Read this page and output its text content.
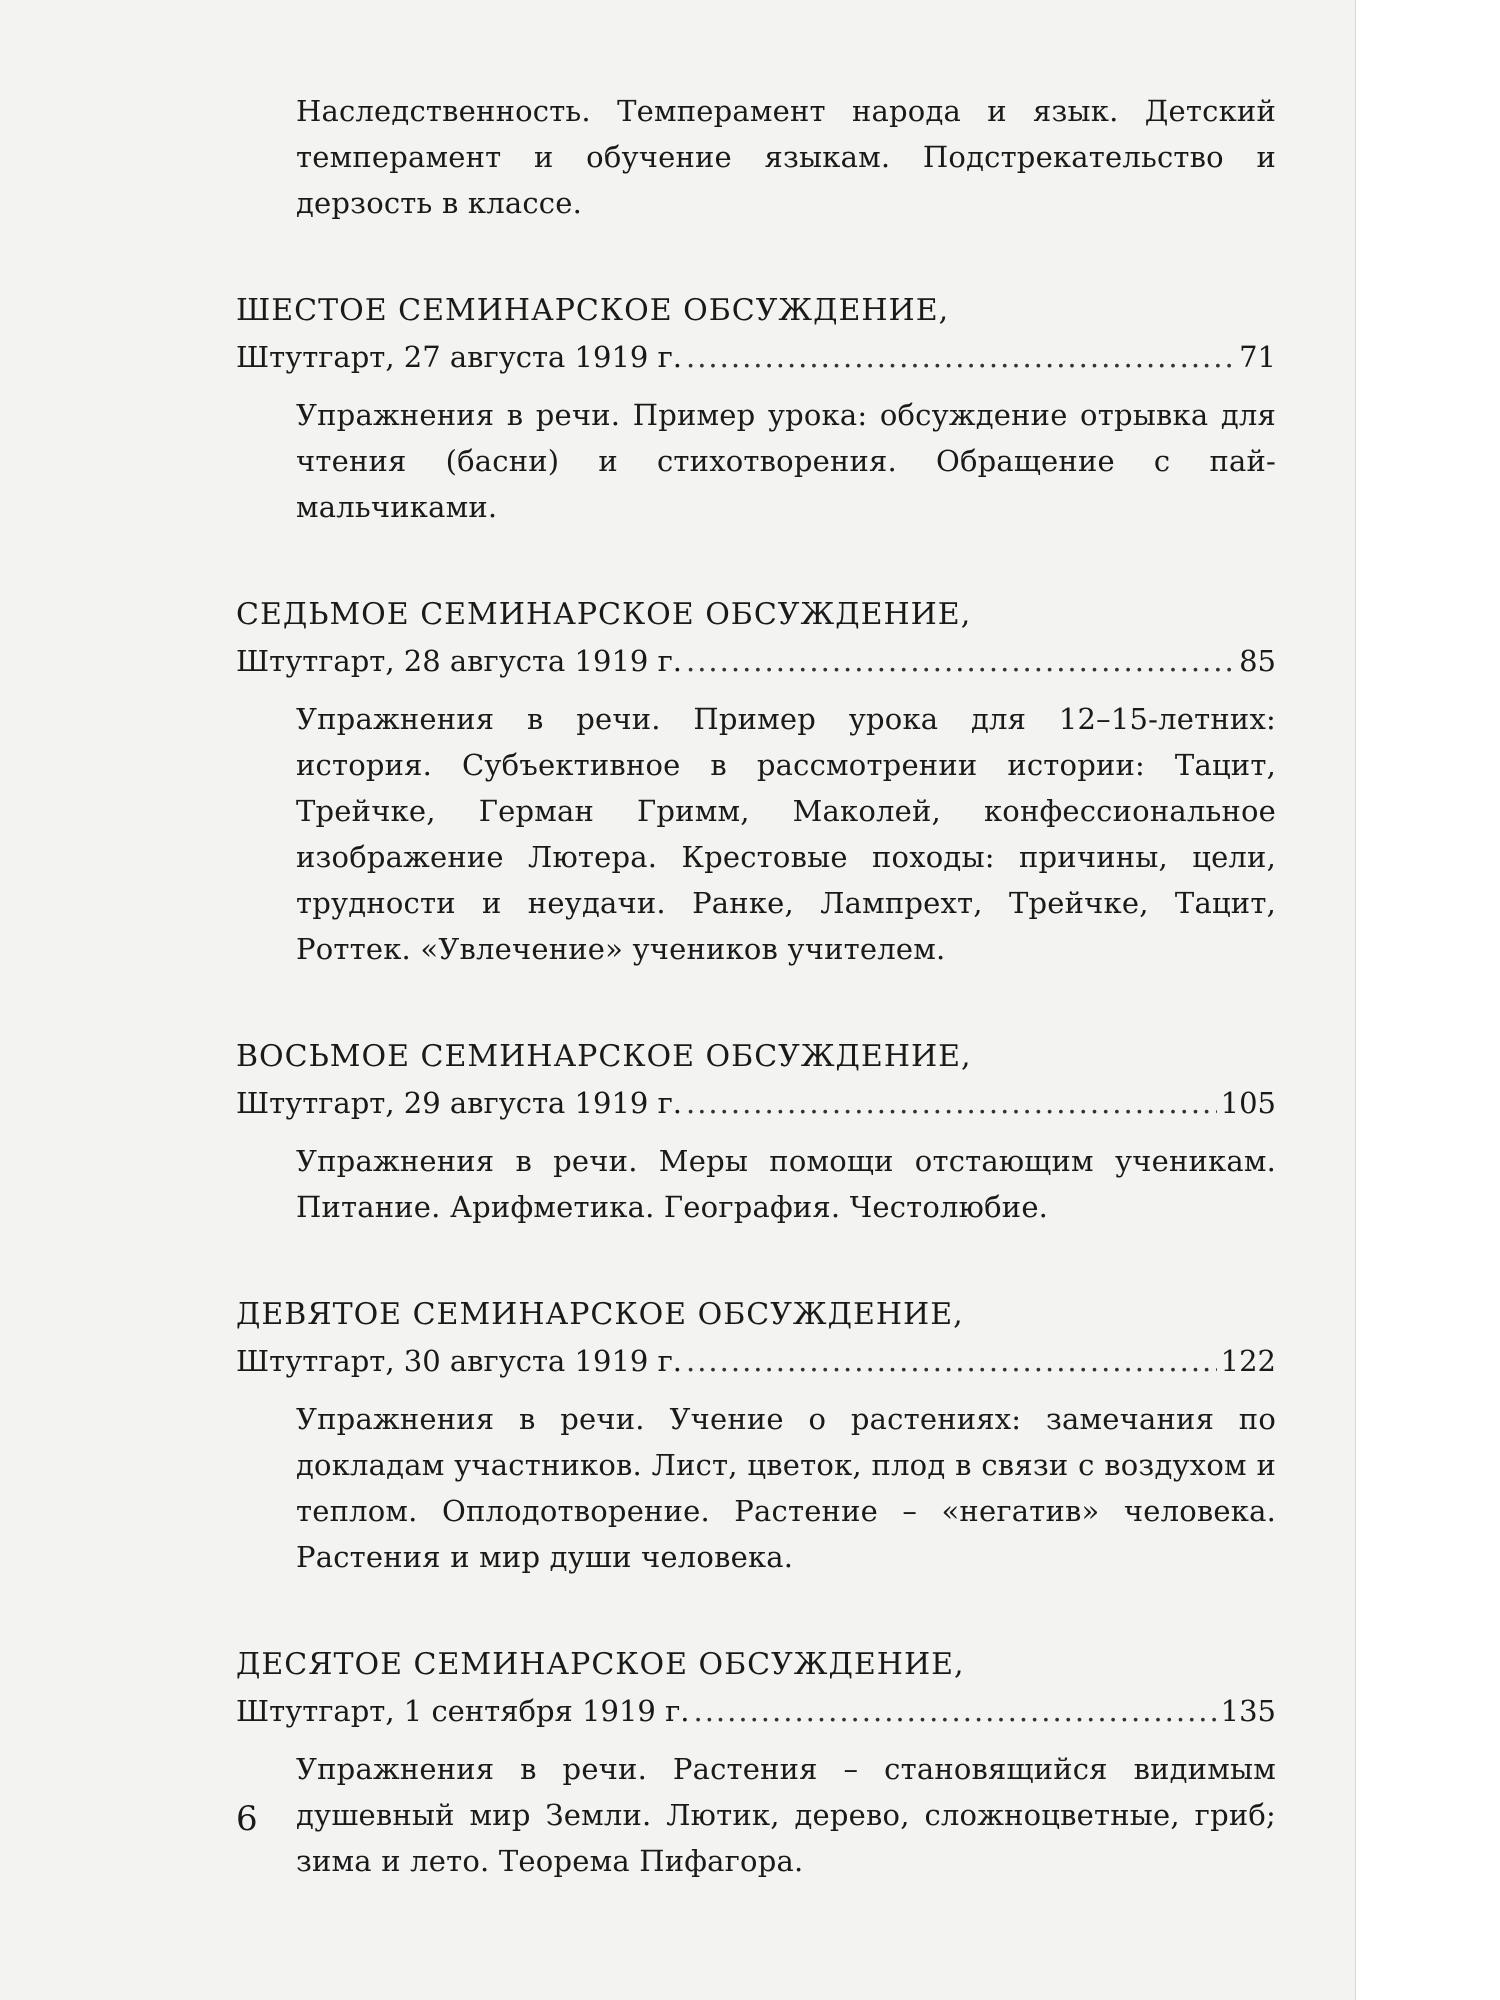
Наследственность. Темперамент народа и язык. Детский темперамент и обучение языкам. Подстрекательство и дерзость в классе.

ШЕСТОЕ СЕМИНАРСКОЕ ОБСУЖДЕНИЕ,
Штутгарт, 27 августа 1919 г. .....	71

Упражнения в речи. Пример урока: обсуждение отрывка для чтения (басни) и стихотворения. Обращение с пай-мальчиками.

СЕДЬМОЕ СЕМИНАРСКОЕ ОБСУЖДЕНИЕ,
Штутгарт, 28 августа 1919 г. .....	85

Упражнения в речи. Пример урока для 12–15-летних: история. Субъективное в рассмотрении истории: Тацит, Трейчке, Герман Гримм, Маколей, конфессиональное изображение Лютера. Крестовые походы: причины, цели, трудности и неудачи. Ранке, Лампрехт, Трейчке, Тацит, Роттек. «Увлечение» учеников учителем.

ВОСЬМОЕ СЕМИНАРСКОЕ ОБСУЖДЕНИЕ,
Штутгарт, 29 августа 1919 г. .....	105

Упражнения в речи. Меры помощи отстающим ученикам. Питание. Арифметика. География. Честолюбие.

ДЕВЯТОЕ СЕМИНАРСКОЕ ОБСУЖДЕНИЕ,
Штутгарт, 30 августа 1919 г. .....	122

Упражнения в речи. Учение о растениях: замечания по докладам участников. Лист, цветок, плод в связи с воздухом и теплом. Оплодотворение. Растение – «негатив» человека. Растения и мир души человека.

ДЕСЯТОЕ СЕМИНАРСКОЕ ОБСУЖДЕНИЕ,
Штутгарт, 1 сентября 1919 г. .....	135

Упражнения в речи. Растения – становящийся видимым душевный мир Земли. Лютик, дерево, сложноцветные, гриб; зима и лето. Теорема Пифагора.

6
